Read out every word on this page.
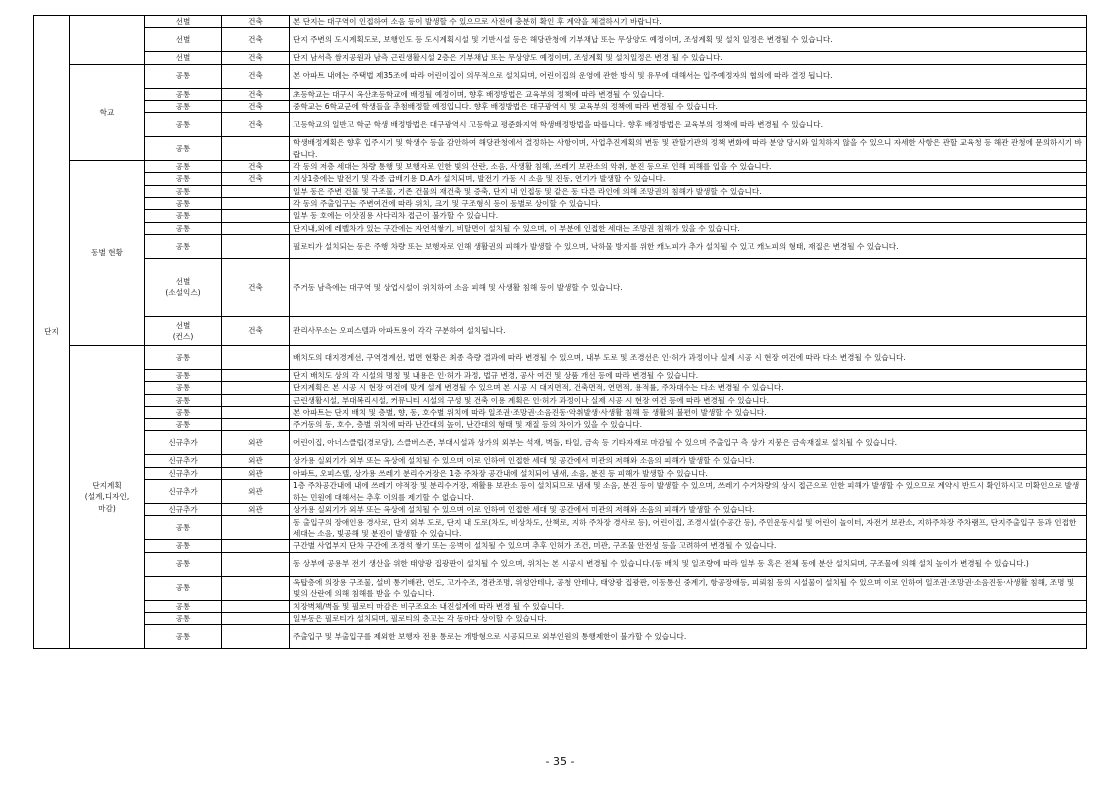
단지		선별	건축	본 단지는 대구역이 인접하여 소음 등이 발생할 수 있으므로 사전에 충분히 확인 후 계약을 체결하시기 바랍니다.
		선별	건축	단지 주변의 도시계획도로, 보행인도 등 도시계획시설 및 기반시설 등은 해당관청에 기부채납 또는 무상양도 예정이며, 조성계획 및 설치 일정은 변경될 수 있습니다.
		선별	건축	단지 남서측 쌈지공원과 남측 근린생활시설 2층은 기부채납 또는 무상양도 예정이며, 조성계획 및 설치일정은 변경 될 수 있습니다.
	학교	공통	건축	본 아파트 내에는 주택법 제35조에 따라 어린이집이 의무적으로 설치되며, 어린이집의 운영에 관한 방식 및 유무에 대해서는 입주예정자의 협의에 따라 결정 됩니다.
		공통	건축	초등학교는 대구시 옥산초등학교에 배정될 예정이며, 향후 배정방법은 교육부의 정책에 따라 변경될 수 있습니다.
		공통	건축	중학교는 6학교군에 학생들을 추첨배정할 예정입니다. 향후 배정방법은 대구광역시 및 교육부의 정책에 따라 변경될 수 있습니다.
		공통	건축	고등학교의 일반고 학군 학생 배정방법은 대구광역시 고등학교 평준화지역 학생배정방법을 따릅니다. 향후 배정방법은 교육부의 정책에 따라 변경될 수 있습니다.
		공통		학생배정계획은 향후 입주시기 및 학생수 등을 감안하여 해당관청에서 결정하는 사항이며, 사업추진계획의 변동 및 관할기관의 정책 변화에 따라 분양 당시와 일치하지 않을 수 있으니 자세한 사항은 관할 교육청 등 해관 관청에 문의하시기 바랍니다.
	동별 현황	공통	건축	각 동의 저층 세대는 차량 통행 및 보행자로 인한 빛의 산란, 소음, 사생활 침해, 쓰레기 보관소의 악취, 분진 등으로 인해 피해를 입을 수 있습니다.
		공통	건축	지상1층에는 발전기 및 각종 급배기용 D.A가 설치되며, 발전기 가동 시 소음 및 진동, 연기가 발생할 수 있습니다.
		공통		일부 동은 주변 건물 및 구조물, 기존 건물의 재건축 및 증축, 단지 내 인접동 및 같은 동 다른 라인에 의해 조망권의 침해가 발생할 수 있습니다.
		공통		각 동의 주출입구는 주변여건에 따라 위치, 크기 및 구조형식 등이 동별로 상이할 수 있습니다.
		공통		일부 동 호에는 이삿짐용 사다리차 접근이 불가할 수 있습니다.
		공통		단지내,외에 레벨차가 있는 구간에는 자연석쌓기, 비탈면이 설치될 수 있으며, 이 부분에 인접한 세대는 조망권 침해가 있을 수 있습니다.
		공통		필로티가 설치되는 동은 주행 차량 또는 보행자로 인해 생활권의 피해가 발생할 수 있으며, 낙하물 방지를 위한 캐노피가 추가 설치될 수 있고 캐노피의 형태, 재질은 변경될 수 있습니다.
		선별
(소설익스)	건축	주거동 남측에는 대구역 및 상업시설이 위치하여 소음 피해 및 사생활 침해 등이 발생할 수 있습니다.
		선별
(컨스)	건축	관리사무소는 오피스텔과 아파트용이 각각 구분하여 설치됩니다.
	단지계획
(설계,디자인,
마감)	공통		배치도의 대지경계선, 구역경계선, 법면 현황은 최종 측량 결과에 따라 변경될 수 있으며, 내부 도로 및 조경선은 인·허가 과정이나 실제 시공 시 현장 여건에 따라 다소 변경될 수 있습니다.
		공통		단지 배치도 상의 각 시설의 명칭 및 내용은 인·허가 과정, 법규 변경, 공사 여건 및 상품 개선 등에 따라 변경될 수 있습니다.
		공통		단지계획은 본 시공 시 현장 여건에 맞게 설계 변경될 수 있으며 본 시공 시 대지면적, 건축면적, 연면적, 용적률, 주차대수는 다소 변경될 수 있습니다.
		공통		근린생활시설, 부대복리시설, 커뮤니티 시설의 구성 및 건축 이용 계획은 인·허가 과정이나 실제 시공 시 현장 여건 등에 따라 변경될 수 있습니다.
		공통		본 아파트는 단지 배치 및 층별, 향, 동, 호수별 위치에 따라 일조권·조망권·소음진동·악취발생·사생활 침해 등 생활의 불편이 발생할 수 있습니다.
		공통		주거동의 동, 호수, 층별 위치에 따라 난간대의 높이, 난간대의 형태 및 재질 등의 차이가 있을 수 있습니다.
		신규추가	외관	어린이집, 아너스클럽(경로당), 스클버스존, 부대시설과 상가의 외부는 석재, 벽돌, 타일, 금속 등 기타자재로 마감될 수 있으며 주출입구 측 상가 지붕은 금속재질로 설치될 수 있습니다.
		신규추가	외관	상가용 실외기가 외부 또는 옥상에 설치될 수 있으며 이로 인하여 인접한 세대 및 공간에서 미관의 저해와 소음의 피해가 발생할 수 있습니다.
		신규추가	외관	아파트, 오피스텔, 상가용 쓰레기 분리수거장은 1층 주차장 공간내에 설치되어 냄새, 소음, 분진 등 피해가 발생할 수 있습니다.
		신규추가	외관	1층 주차공간내에 내에 쓰레기 야적장 및 분리수거장, 재활용 보관소 등이 설치되므로 냄새 및 소음, 분진 등이 발생할 수 있으며, 쓰레기 수거차량의 상시 접근으로 인한 피해가 발생할 수 있으므로 계약시 반드시 확인하시고 미확인으로 발생하는 민원에 대해서는 추후 이의를 제기할 수 없습니다.
		신규추가	외관	상가용 실외기가 외부 또는 옥상에 설치될 수 있으며 이로 인하여 인접한 세대 및 공간에서 미관의 저해와 소음의 피해가 발생할 수 있습니다.
		공통		동 출입구의 장애인용 경사로, 단지 외부 도로, 단지 내 도로(차도, 비상차도, 산책로, 지하 주차장 경사로 등), 어린이집, 조경시설(수공간 등), 주민운동시설 및 어린이 놀이터, 자전거 보관소, 지하주차장 주차램프, 단지주출입구 등과 인접한 세대는 소음, 빛공해 및 분진이 발생할 수 있습니다.
		공통		구간별 사업부지 단차 구간에 조경석 쌓기 또는 옹벽이 설치될 수 있으며 추후 인허가 조건, 미관, 구조물 안전성 등을 고려하여 변경될 수 있습니다.
		공통		동 상부에 공용부 전기 생산을 위한 태양광 집광판이 설치될 수 있으며, 위치는 본 시공시 변경될 수 있습니다.(동 배치 및 일조량에 따라 일부 동 혹은 전체 동에 분산 설치되며, 구조물에 의해 설치 높이가 변경될 수 있습니다.)
		공통		옥탑층에 의장용 구조물, 설비 통기배관, 연도, 고가수조, 경관조명, 위성안테나, 공청 안테나, 태양광 집광판, 이동통신 중계기, 항공장애등, 피뢰침 등의 시설물이 설치될 수 있으며 이로 인하여 일조권·조망권·소음진동·사생활 침해, 조명 및 빛의 산란에 의해 침해를 받을 수 있습니다.
		공통		치장벽체/벽돌 및 필로티 마감은 비구조요소 내진설계에 따라 변경 될 수 있습니다.
		공통		일부동은 필로티가 설치되며, 필로티의 층고는 각 동마다 상이할 수 있습니다.
		공통		주출입구 및 부출입구를 제외한 보행자 전용 통로는 개방형으로 시공되므로 외부인원의 통행제한이 불가할 수 있습니다.
- 35 -
